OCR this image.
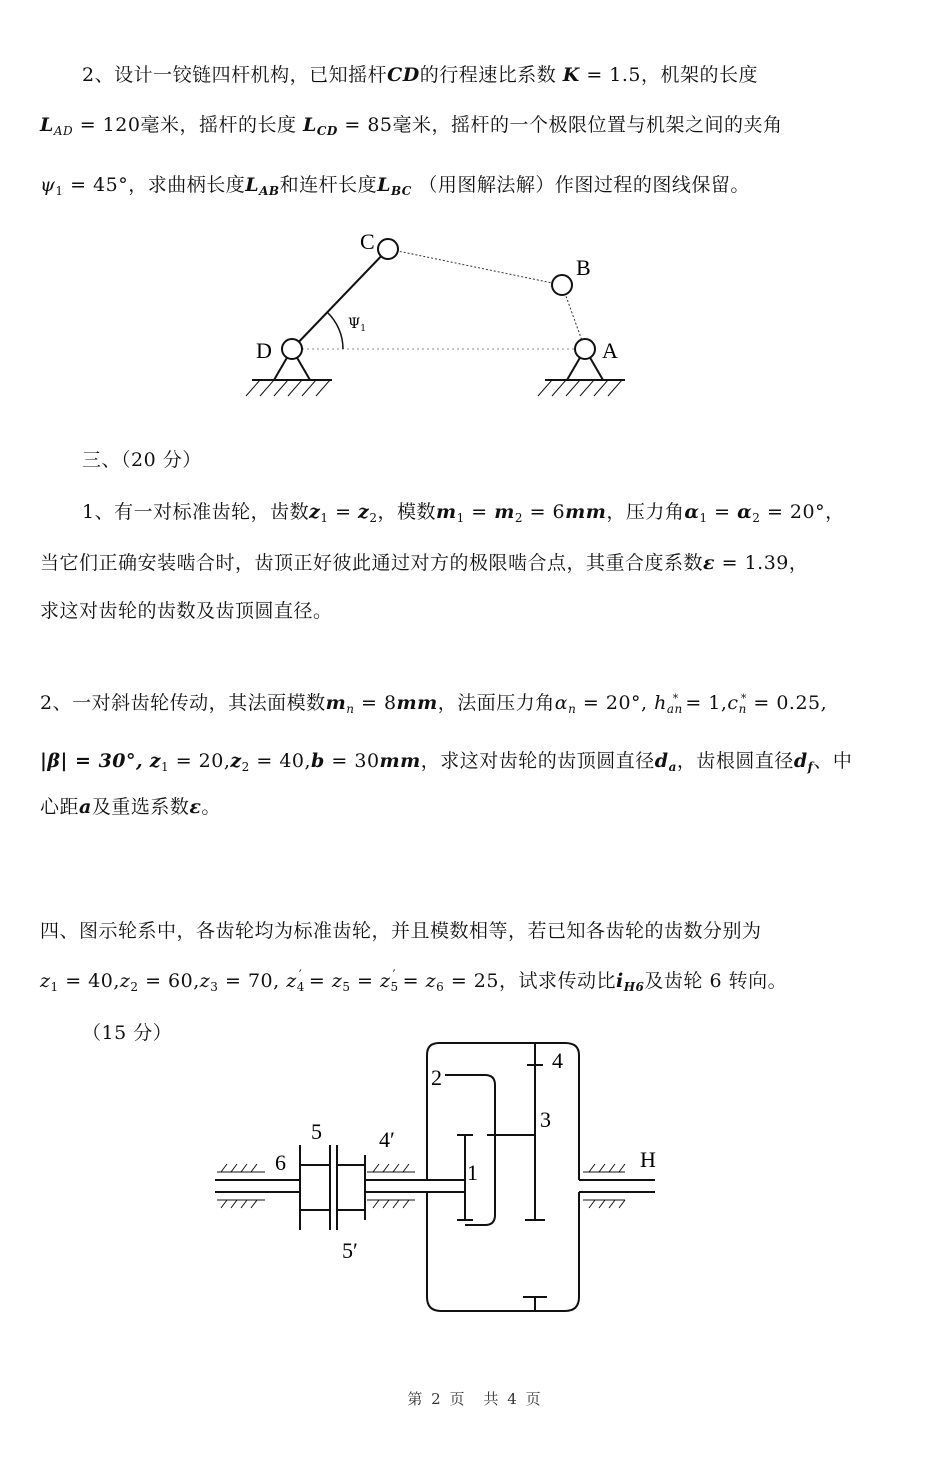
2、设计一铰链四杆机构，已知摇杆CD的行程速比系数 K = 1.5，机架的长度
$L_{AD} = 120$毫米，摇杆的长度 $L_{CD} = 85$毫米，摇杆的一个极限位置与机架之间的夹角
$\psi_1 = 45^\circ$，求曲柄长度$L_{AB}$和连杆长度$L_{BC}$ （用图解法解）作图过程的图线保留。
C
B
D	A
$\Psi_1$
三、（20 分）
1、有一对标准齿轮，齿数$z_1 = z_2$，模数$m_1 = m_2 = 6mm$，压力角$\alpha_1 = \alpha_2 = 20^\circ$，
当它们正确安装啮合时，齿顶正好彼此通过对方的极限啮合点，其重合度系数ε = 1.39，
求这对齿轮的齿数及齿顶圆直径。
2、一对斜齿轮传动，其法面模数$m_n = 8mm$，法面压力角$\alpha_n = 20^\circ$, $h_{an}^* = 1,c_n^* = 0.25$,
|β| = 30°, $z_1 = 20,z_2 = 40,b = 30mm$，求这对齿轮的齿顶圆直径$d_a$，齿根圆直径$d_f$、中
心距a及重选系数ε。
四、图示轮系中，各齿轮均为标准齿轮，并且模数相等，若已知各齿轮的齿数分别为
$z_1 = 40,z_2 = 60,z_3 = 70$, $z_4' = z_5 = z_5' = z_6 = 25$，试求传动比$i_{H6}$及齿轮 6 转向。
（15 分）
1
2
3
4
4′
5
5′
6	H
第 2 页　共 4 页
